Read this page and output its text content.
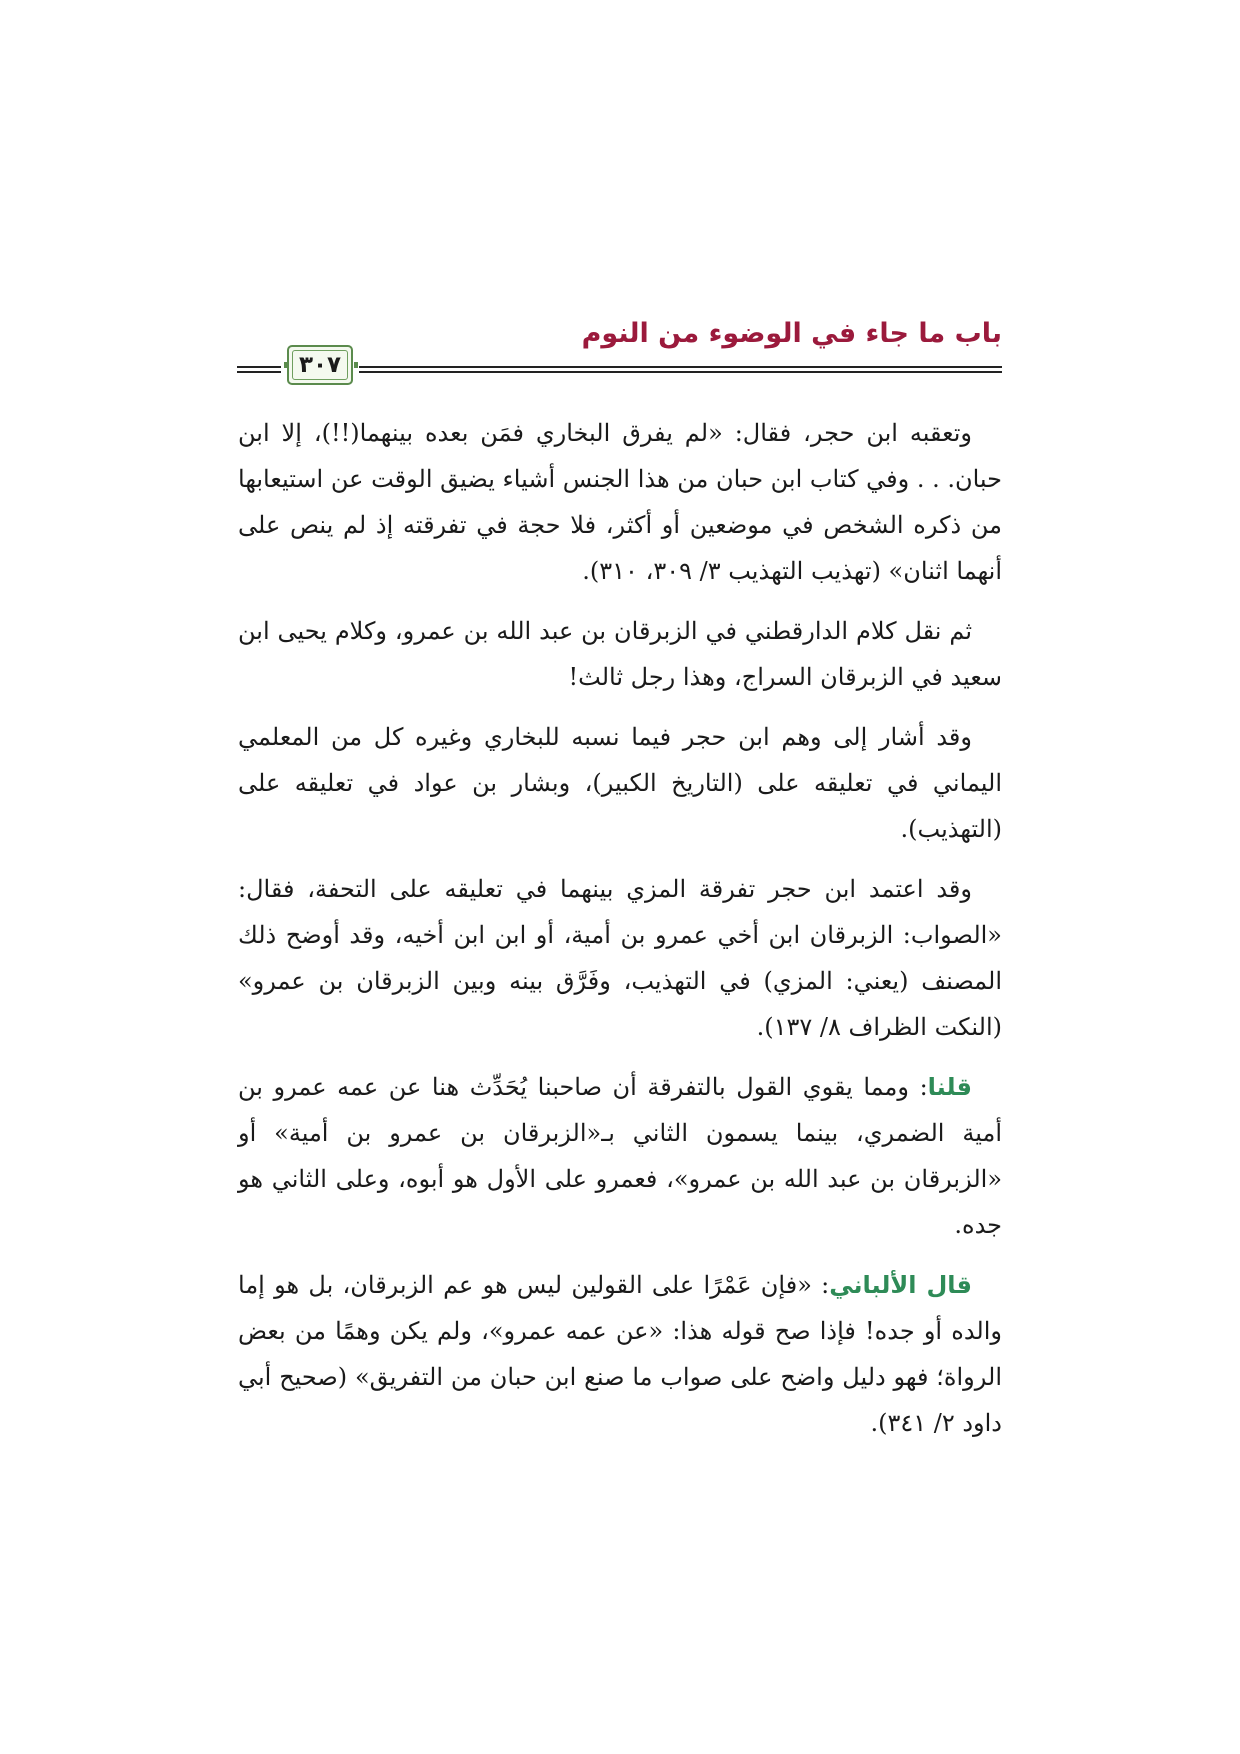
باب ما جاء في الوضوء من النوم
٣٠٧

وتعقبه ابن حجر، فقال: «لم يفرق البخاري فمَن بعده بينهما(!!)، إلا ابن حبان. . . وفي كتاب ابن حبان من هذا الجنس أشياء يضيق الوقت عن استيعابها من ذكره الشخص في موضعين أو أكثر، فلا حجة في تفرقته إذ لم ينص على أنهما اثنان» (تهذيب التهذيب ٣/ ٣٠٩، ٣١٠).

ثم نقل كلام الدارقطني في الزبرقان بن عبد الله بن عمرو، وكلام يحيى ابن سعيد في الزبرقان السراج، وهذا رجل ثالث!

وقد أشار إلى وهم ابن حجر فيما نسبه للبخاري وغيره كل من المعلمي اليماني في تعليقه على (التاريخ الكبير)، وبشار بن عواد في تعليقه على (التهذيب).

وقد اعتمد ابن حجر تفرقة المزي بينهما في تعليقه على التحفة، فقال: «الصواب: الزبرقان ابن أخي عمرو بن أمية، أو ابن ابن أخيه، وقد أوضح ذلك المصنف (يعني: المزي) في التهذيب، وفَرَّق بينه وبين الزبرقان بن عمرو» (النكت الظراف ٨/ ١٣٧).

قلنا: ومما يقوي القول بالتفرقة أن صاحبنا يُحَدِّث هنا عن عمه عمرو بن أمية الضمري، بينما يسمون الثاني بـ«الزبرقان بن عمرو بن أمية» أو «الزبرقان بن عبد الله بن عمرو»، فعمرو على الأول هو أبوه، وعلى الثاني هو جده.

قال الألباني: «فإن عَمْرًا على القولين ليس هو عم الزبرقان، بل هو إما والده أو جده! فإذا صح قوله هذا: «عن عمه عمرو»، ولم يكن وهمًا من بعض الرواة؛ فهو دليل واضح على صواب ما صنع ابن حبان من التفريق» (صحيح أبي داود ٢/ ٣٤١).
